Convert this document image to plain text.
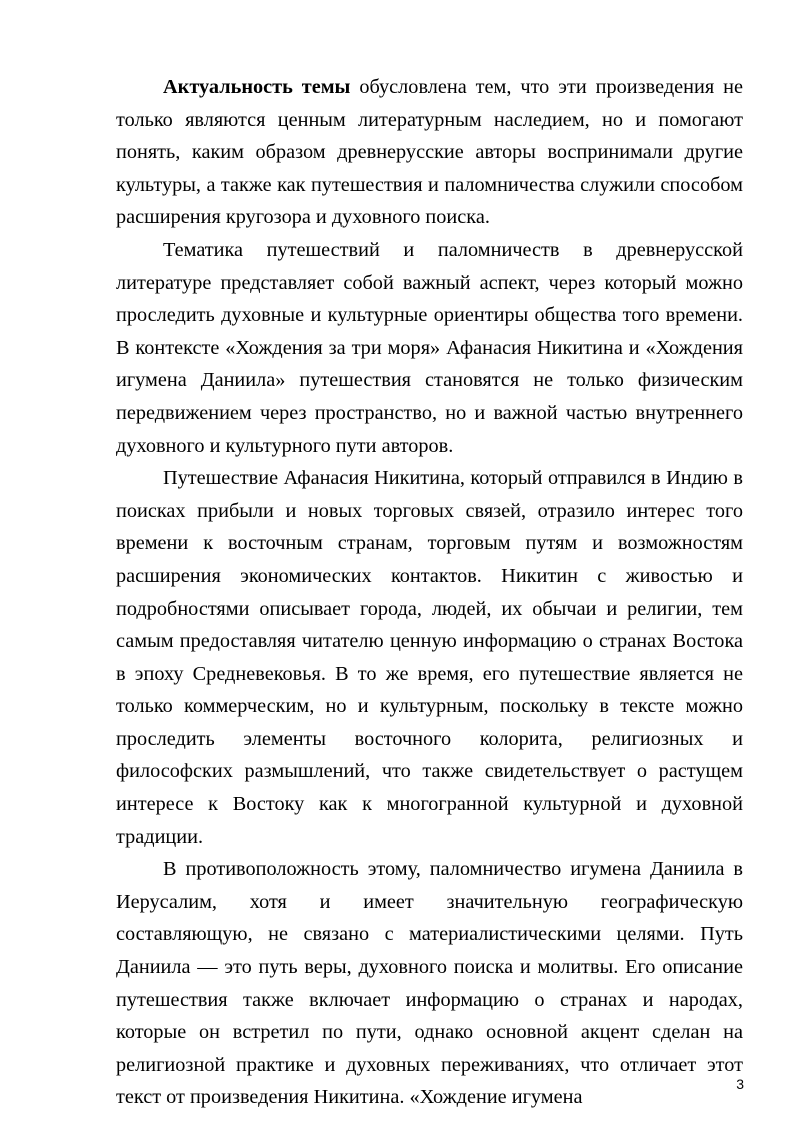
Актуальность темы обусловлена тем, что эти произведения не только являются ценным литературным наследием, но и помогают понять, каким образом древнерусские авторы воспринимали другие культуры, а также как путешествия и паломничества служили способом расширения кругозора и духовного поиска.

Тематика путешествий и паломничеств в древнерусской литературе представляет собой важный аспект, через который можно проследить духовные и культурные ориентиры общества того времени. В контексте «Хождения за три моря» Афанасия Никитина и «Хождения игумена Даниила» путешествия становятся не только физическим передвижением через пространство, но и важной частью внутреннего духовного и культурного пути авторов.

Путешествие Афанасия Никитина, который отправился в Индию в поисках прибыли и новых торговых связей, отразило интерес того времени к восточным странам, торговым путям и возможностям расширения экономических контактов. Никитин с живостью и подробностями описывает города, людей, их обычаи и религии, тем самым предоставляя читателю ценную информацию о странах Востока в эпоху Средневековья. В то же время, его путешествие является не только коммерческим, но и культурным, поскольку в тексте можно проследить элементы восточного колорита, религиозных и философских размышлений, что также свидетельствует о растущем интересе к Востоку как к многогранной культурной и духовной традиции.

В противоположность этому, паломничество игумена Даниила в Иерусалим, хотя и имеет значительную географическую составляющую, не связано с материалистическими целями. Путь Даниила — это путь веры, духовного поиска и молитвы. Его описание путешествия также включает информацию о странах и народах, которые он встретил по пути, однако основной акцент сделан на религиозной практике и духовных переживаниях, что отличает этот текст от произведения Никитина. «Хождение игумена

3
